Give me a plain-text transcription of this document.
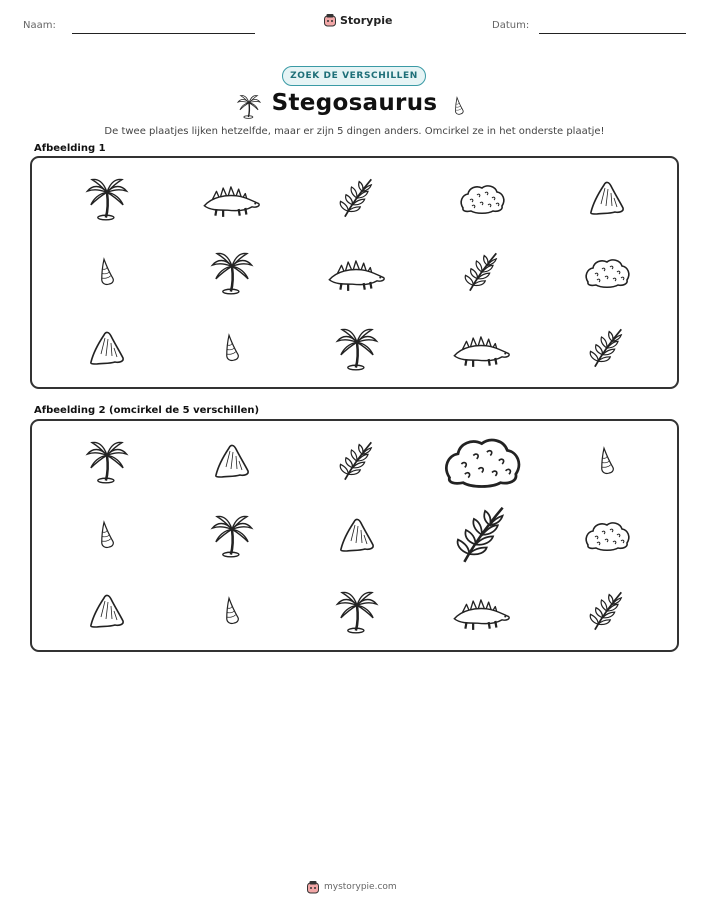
Naam:	Storypie	Datum:
ZOEK DE VERSCHILLEN
Stegosaurus
De twee plaatjes lijken hetzelfde, maar er zijn 5 dingen anders. Omcirkel ze in het onderste plaatje!
Afbeelding 1
Afbeelding 2 (omcirkel de 5 verschillen)
mystorypie.com
